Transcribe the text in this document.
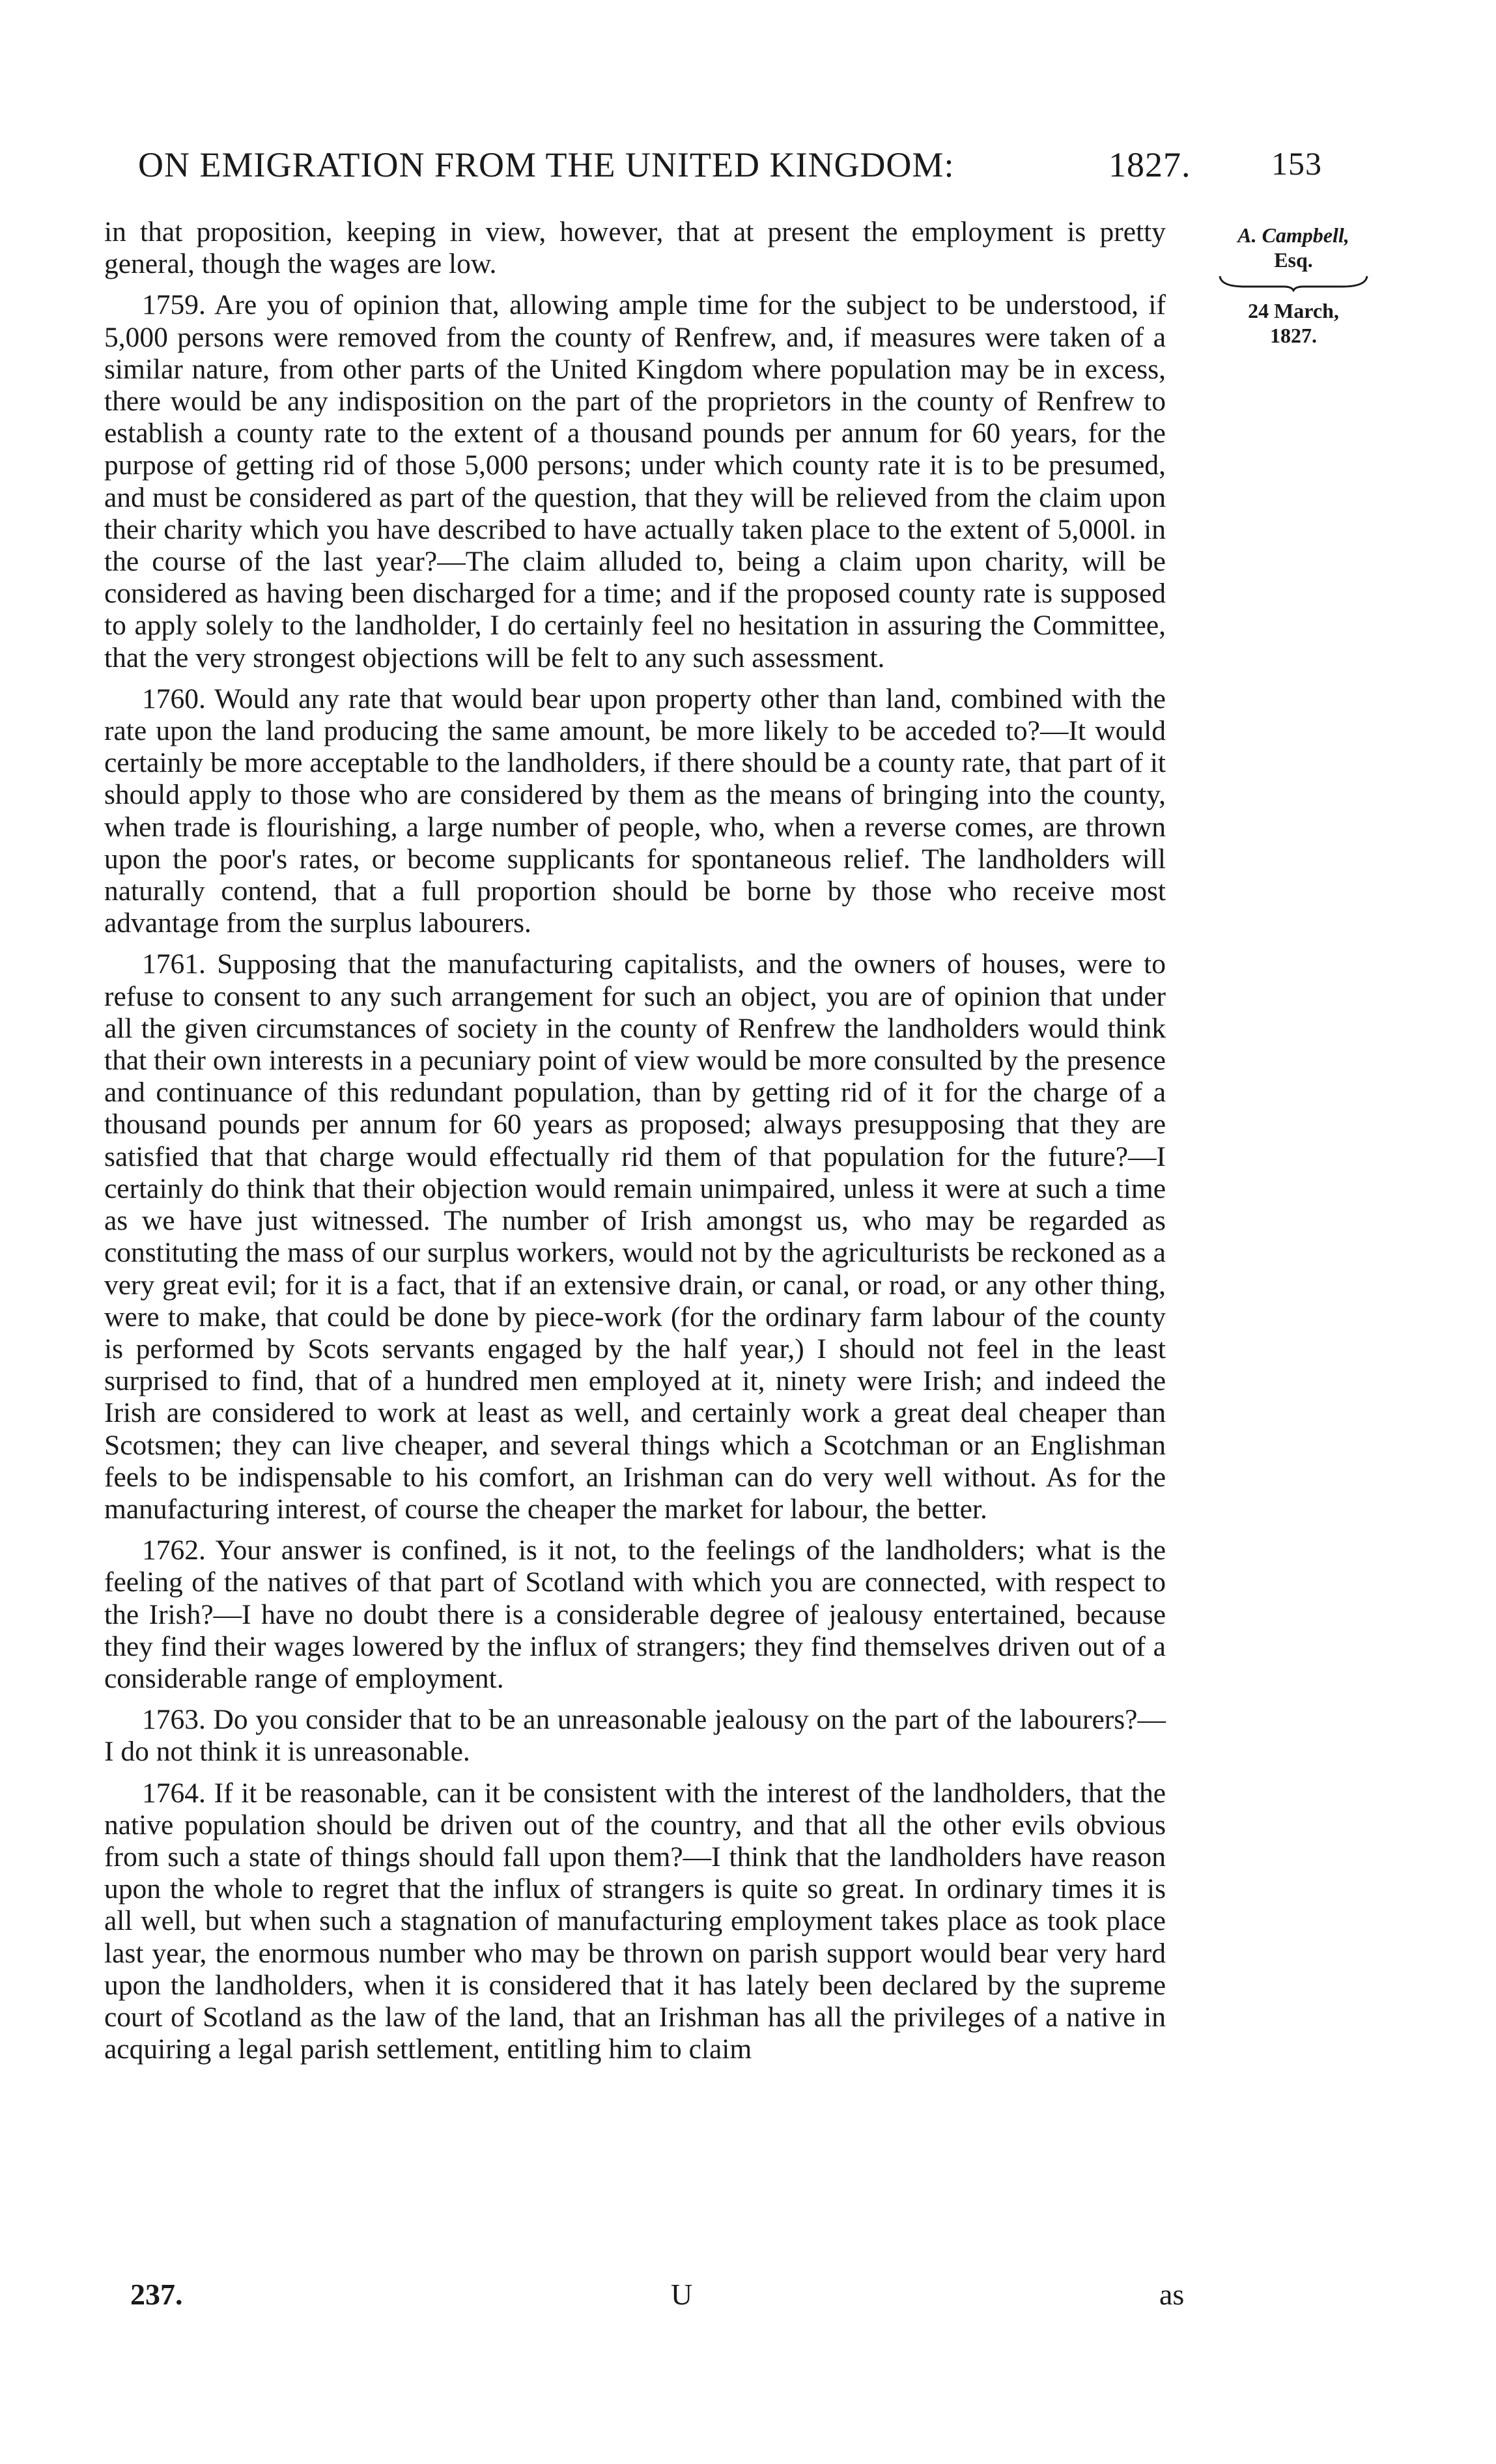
ON EMIGRATION FROM THE UNITED KINGDOM:	1827. 153
A. Campbell,
Esq.
24 March,
1827.

in that proposition, keeping in view, however, that at present the employment is pretty general, though the wages are low.

1759. Are you of opinion that, allowing ample time for the subject to be understood, if 5,000 persons were removed from the county of Renfrew, and, if measures were taken of a similar nature, from other parts of the United Kingdom where population may be in excess, there would be any indisposition on the part of the proprietors in the county of Renfrew to establish a county rate to the extent of a thousand pounds per annum for 60 years, for the purpose of getting rid of those 5,000 persons; under which county rate it is to be presumed, and must be considered as part of the question, that they will be relieved from the claim upon their charity which you have described to have actually taken place to the extent of 5,000l. in the course of the last year?—The claim alluded to, being a claim upon charity, will be considered as having been discharged for a time; and if the proposed county rate is supposed to apply solely to the landholder, I do certainly feel no hesitation in assuring the Committee, that the very strongest objections will be felt to any such assessment.

1760. Would any rate that would bear upon property other than land, combined with the rate upon the land producing the same amount, be more likely to be acceded to?—It would certainly be more acceptable to the landholders, if there should be a county rate, that part of it should apply to those who are considered by them as the means of bringing into the county, when trade is flourishing, a large number of people, who, when a reverse comes, are thrown upon the poor's rates, or become supplicants for spontaneous relief. The landholders will naturally contend, that a full proportion should be borne by those who receive most advantage from the surplus labourers.

1761. Supposing that the manufacturing capitalists, and the owners of houses, were to refuse to consent to any such arrangement for such an object, you are of opinion that under all the given circumstances of society in the county of Renfrew the landholders would think that their own interests in a pecuniary point of view would be more consulted by the presence and continuance of this redundant population, than by getting rid of it for the charge of a thousand pounds per annum for 60 years as proposed; always presupposing that they are satisfied that that charge would effectually rid them of that population for the future?—I certainly do think that their objection would remain unimpaired, unless it were at such a time as we have just witnessed. The number of Irish amongst us, who may be regarded as constituting the mass of our surplus workers, would not by the agriculturists be reckoned as a very great evil; for it is a fact, that if an extensive drain, or canal, or road, or any other thing, were to make, that could be done by piece-work (for the ordinary farm labour of the county is performed by Scots servants engaged by the half year,) I should not feel in the least surprised to find, that of a hundred men employed at it, ninety were Irish; and indeed the Irish are considered to work at least as well, and certainly work a great deal cheaper than Scotsmen; they can live cheaper, and several things which a Scotchman or an Englishman feels to be indispensable to his comfort, an Irishman can do very well without. As for the manufacturing interest, of course the cheaper the market for labour, the better.

1762. Your answer is confined, is it not, to the feelings of the landholders; what is the feeling of the natives of that part of Scotland with which you are connected, with respect to the Irish?—I have no doubt there is a considerable degree of jealousy entertained, because they find their wages lowered by the influx of strangers; they find themselves driven out of a considerable range of employment.

1763. Do you consider that to be an unreasonable jealousy on the part of the labourers?—I do not think it is unreasonable.

1764. If it be reasonable, can it be consistent with the interest of the landholders, that the native population should be driven out of the country, and that all the other evils obvious from such a state of things should fall upon them?—I think that the landholders have reason upon the whole to regret that the influx of strangers is quite so great. In ordinary times it is all well, but when such a stagnation of manufacturing employment takes place as took place last year, the enormous number who may be thrown on parish support would bear very hard upon the landholders, when it is considered that it has lately been declared by the supreme court of Scotland as the law of the land, that an Irishman has all the privileges of a native in acquiring a legal parish settlement, entitling him to claim

237.	U	as
